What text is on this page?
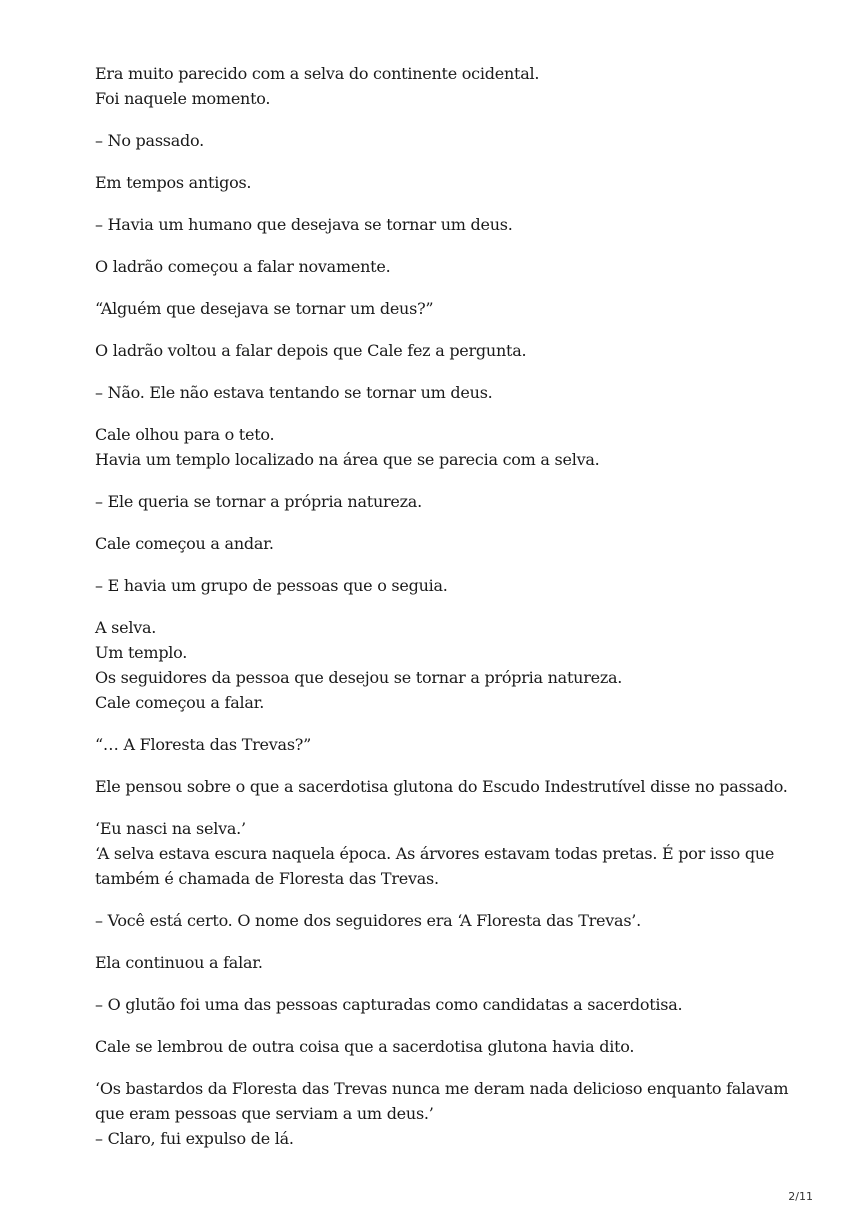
Era muito parecido com a selva do continente ocidental.
Foi naquele momento.
– No passado.
Em tempos antigos.
– Havia um humano que desejava se tornar um deus.
O ladrão começou a falar novamente.
“Alguém que desejava se tornar um deus?”
O ladrão voltou a falar depois que Cale fez a pergunta.
– Não. Ele não estava tentando se tornar um deus.
Cale olhou para o teto.
Havia um templo localizado na área que se parecia com a selva.
– Ele queria se tornar a própria natureza.
Cale começou a andar.
– E havia um grupo de pessoas que o seguia.
A selva.
Um templo.
Os seguidores da pessoa que desejou se tornar a própria natureza.
Cale começou a falar.
“… A Floresta das Trevas?”
Ele pensou sobre o que a sacerdotisa glutona do Escudo Indestrutível disse no passado.
‘Eu nasci na selva.’
‘A selva estava escura naquela época. As árvores estavam todas pretas. É por isso que
também é chamada de Floresta das Trevas.
– Você está certo. O nome dos seguidores era ‘A Floresta das Trevas’.
Ela continuou a falar.
– O glutão foi uma das pessoas capturadas como candidatas a sacerdotisa.
Cale se lembrou de outra coisa que a sacerdotisa glutona havia dito.
‘Os bastardos da Floresta das Trevas nunca me deram nada delicioso enquanto falavam
que eram pessoas que serviam a um deus.’
– Claro, fui expulso de lá.
2/11
